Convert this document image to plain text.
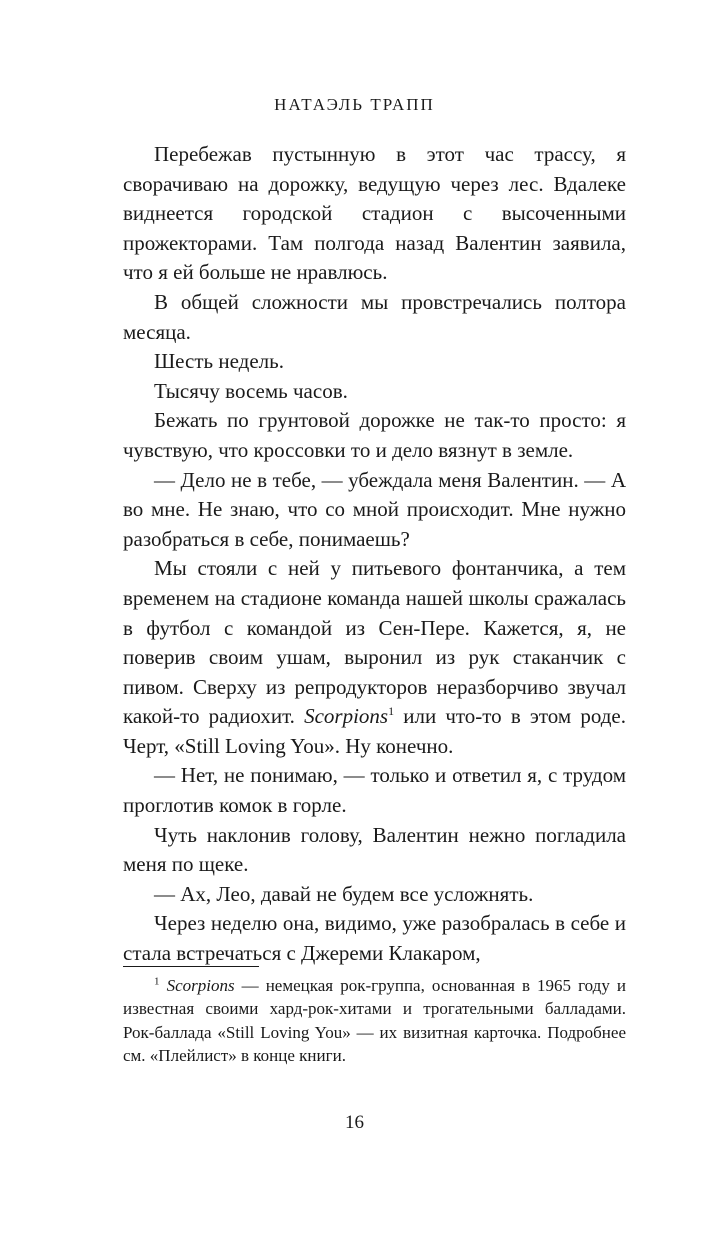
НАТАЭЛЬ ТРАПП

Перебежав пустынную в этот час трассу, я сворачиваю на дорожку, ведущую через лес. Вдалеке виднеется городской стадион с высоченными прожекторами. Там полгода назад Валентин заявила, что я ей больше не нравлюсь.

В общей сложности мы провстречались полтора месяца.

Шесть недель.

Тысячу восемь часов.

Бежать по грунтовой дорожке не так-то просто: я чувствую, что кроссовки то и дело вязнут в земле.

— Дело не в тебе, — убеждала меня Валентин. — А во мне. Не знаю, что со мной происходит. Мне нужно разобраться в себе, понимаешь?

Мы стояли с ней у питьевого фонтанчика, а тем временем на стадионе команда нашей школы сражалась в футбол с командой из Сен-Пере. Кажется, я, не поверив своим ушам, выронил из рук стаканчик с пивом. Сверху из репродукторов неразборчиво звучал какой-то радиохит. Scorpions$^1$ или что-то в этом роде. Черт, «Still Loving You». Ну конечно.

— Нет, не понимаю, — только и ответил я, с трудом проглотив комок в горле.

Чуть наклонив голову, Валентин нежно погладила меня по щеке.

— Ах, Лео, давай не будем все усложнять.

Через неделю она, видимо, уже разобралась в себе и стала встречаться с Джереми Клакаром,

$^1$ Scorpions — немецкая рок-группа, основанная в 1965 году и известная своими хард-рок-хитами и трогательными балладами. Рок-баллада «Still Loving You» — их визитная карточка. Подробнее см. «Плейлист» в конце книги.
16
